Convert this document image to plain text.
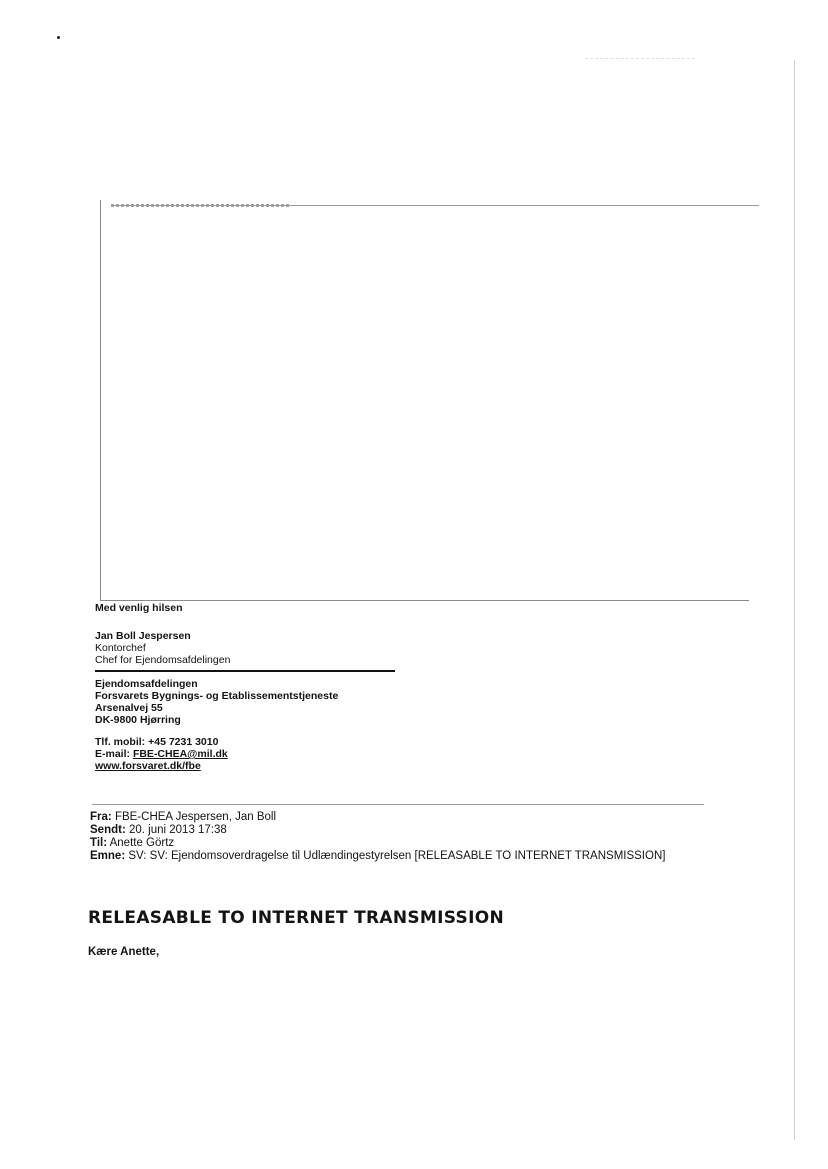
Med venlig hilsen
Jan Boll Jespersen
Kontorchef
Chef for Ejendomsafdelingen
Ejendomsafdelingen
Forsvarets Bygnings- og Etablissementstjeneste
Arsenalvej 55
DK-9800 Hjørring
Tlf. mobil: +45 7231 3010
E-mail: FBE-CHEA@mil.dk
www.forsvaret.dk/fbe
Fra: FBE-CHEA Jespersen, Jan Boll
Sendt: 20. juni 2013 17:38
Til: Anette Görtz
Emne: SV: SV: Ejendomsoverdragelse til Udlændingestyrelsen [RELEASABLE TO INTERNET TRANSMISSION]
RELEASABLE TO INTERNET TRANSMISSION
Kære Anette,
